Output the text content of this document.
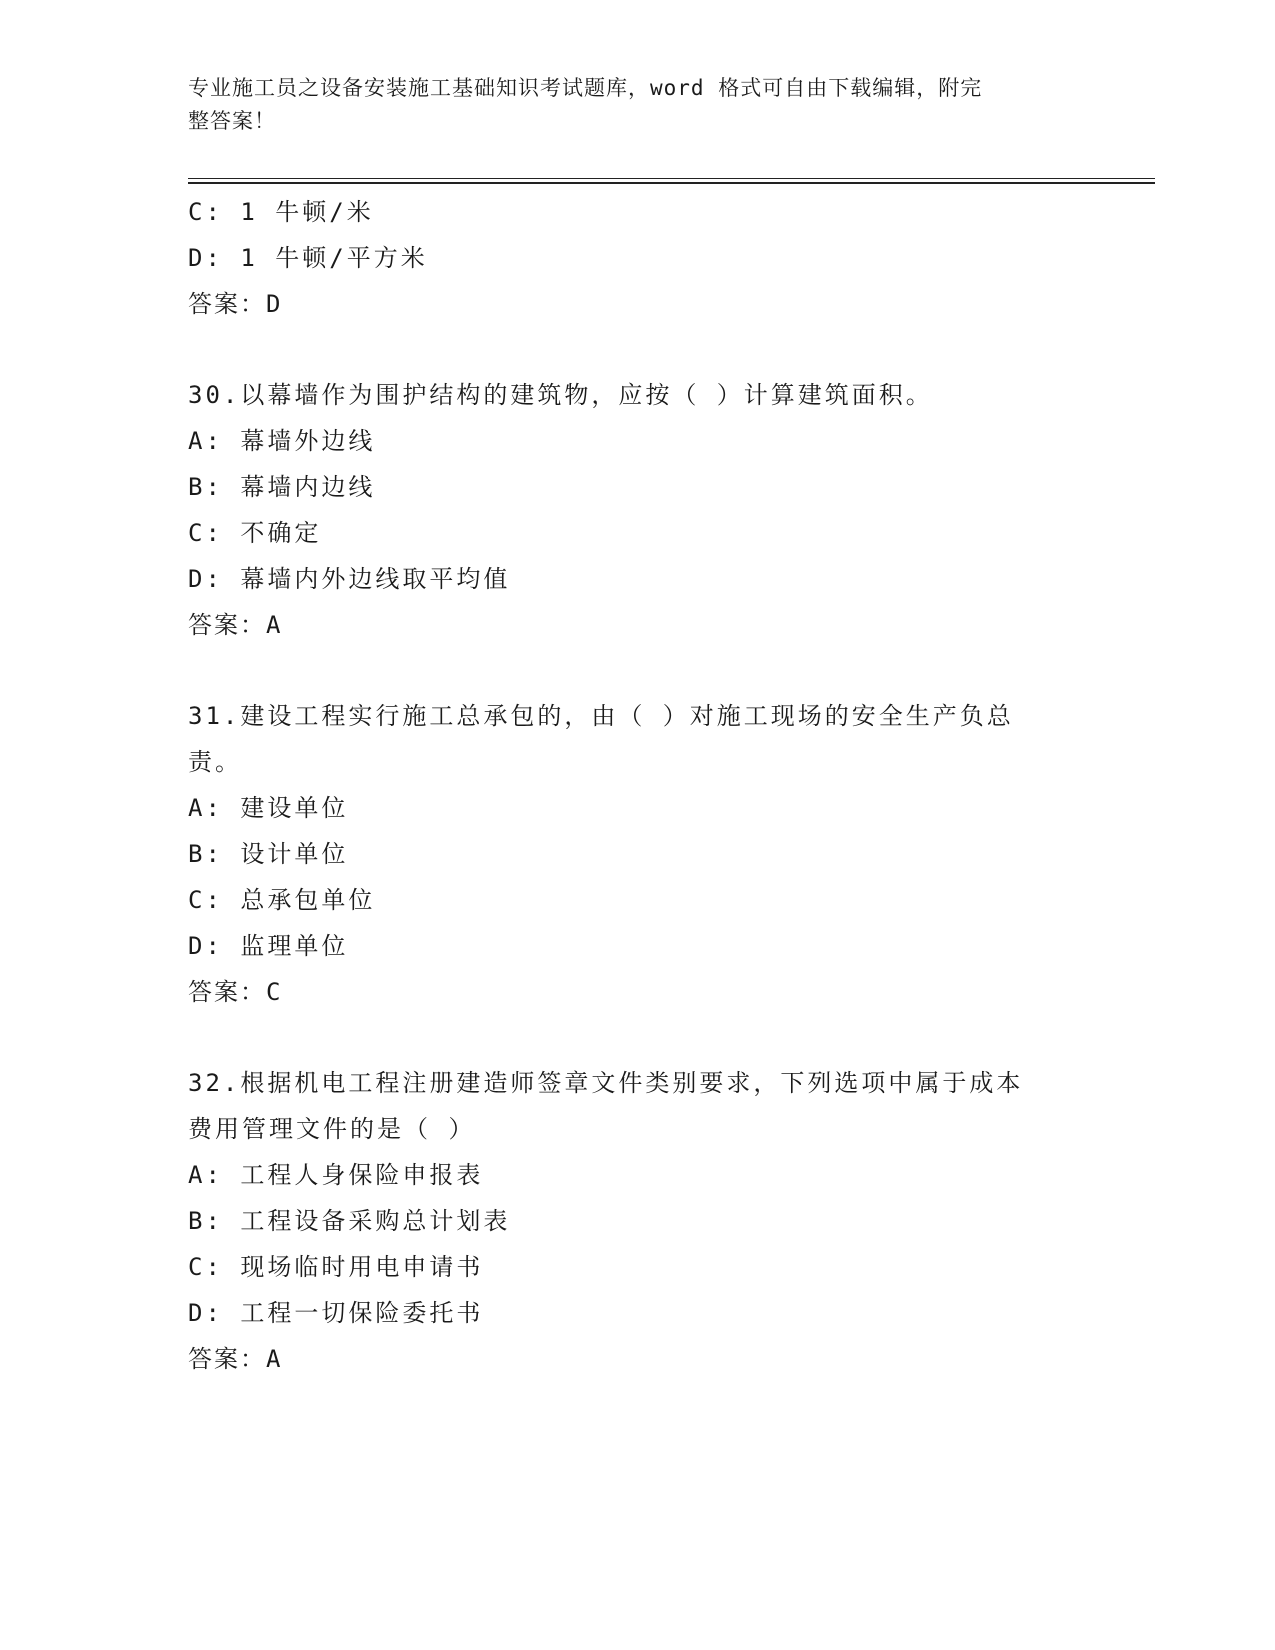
专业施工员之设备安装施工基础知识考试题库，word 格式可自由下载编辑，附完
整答案！
C: 1 牛顿/米
D: 1 牛顿/平方米
答案：D
30.以幕墙作为围护结构的建筑物，应按（ ）计算建筑面积。
A: 幕墙外边线
B: 幕墙内边线
C: 不确定
D: 幕墙内外边线取平均值
答案：A
31.建设工程实行施工总承包的，由（ ）对施工现场的安全生产负总
责。
A: 建设单位
B: 设计单位
C: 总承包单位
D: 监理单位
答案：C
32.根据机电工程注册建造师签章文件类别要求，下列选项中属于成本
费用管理文件的是（ ）
A: 工程人身保险申报表
B: 工程设备采购总计划表
C: 现场临时用电申请书
D: 工程一切保险委托书
答案：A
